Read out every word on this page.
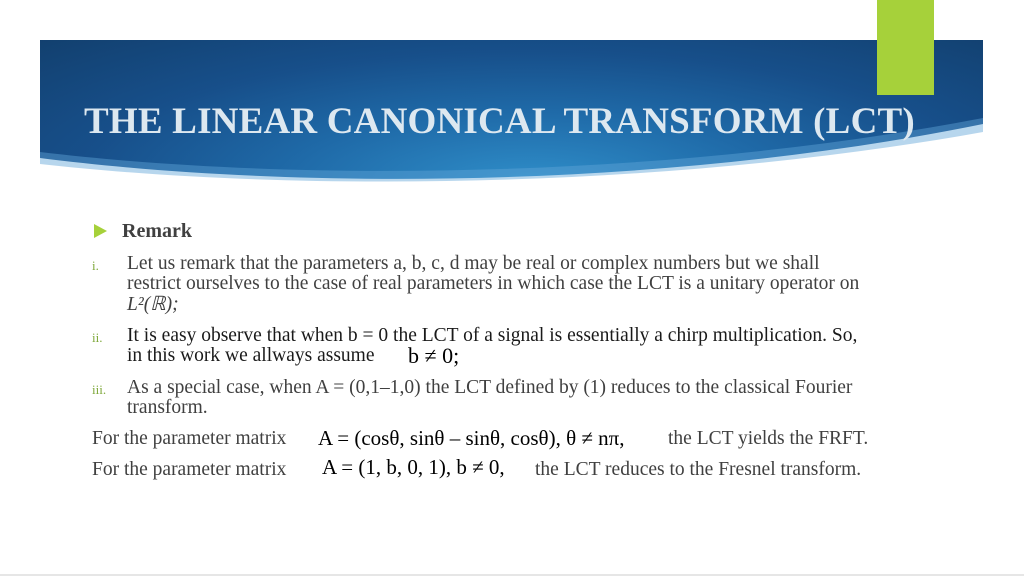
THE LINEAR CANONICAL TRANSFORM (LCT)
Remark
i. Let us remark that the parameters a, b, c, d may be real or complex numbers but we shall
restrict ourselves to the case of real parameters in which case the LCT is a unitary operator on
L²(ℝ);
ii. It is easy observe that when b = 0 the LCT of a signal is essentially a chirp multiplication. So,
in this work we allways assume b ≠ 0;
iii. As a special case, when A = (0,1–1,0) the LCT defined by (1) reduces to the classical Fourier
transform.
For the parameter matrix A = (cosθ, sinθ – sinθ, cosθ), θ ≠ nπ, the LCT yields the FRFT.
For the parameter matrix A = (1, b, 0, 1), b ≠ 0, the LCT reduces to the Fresnel transform.
